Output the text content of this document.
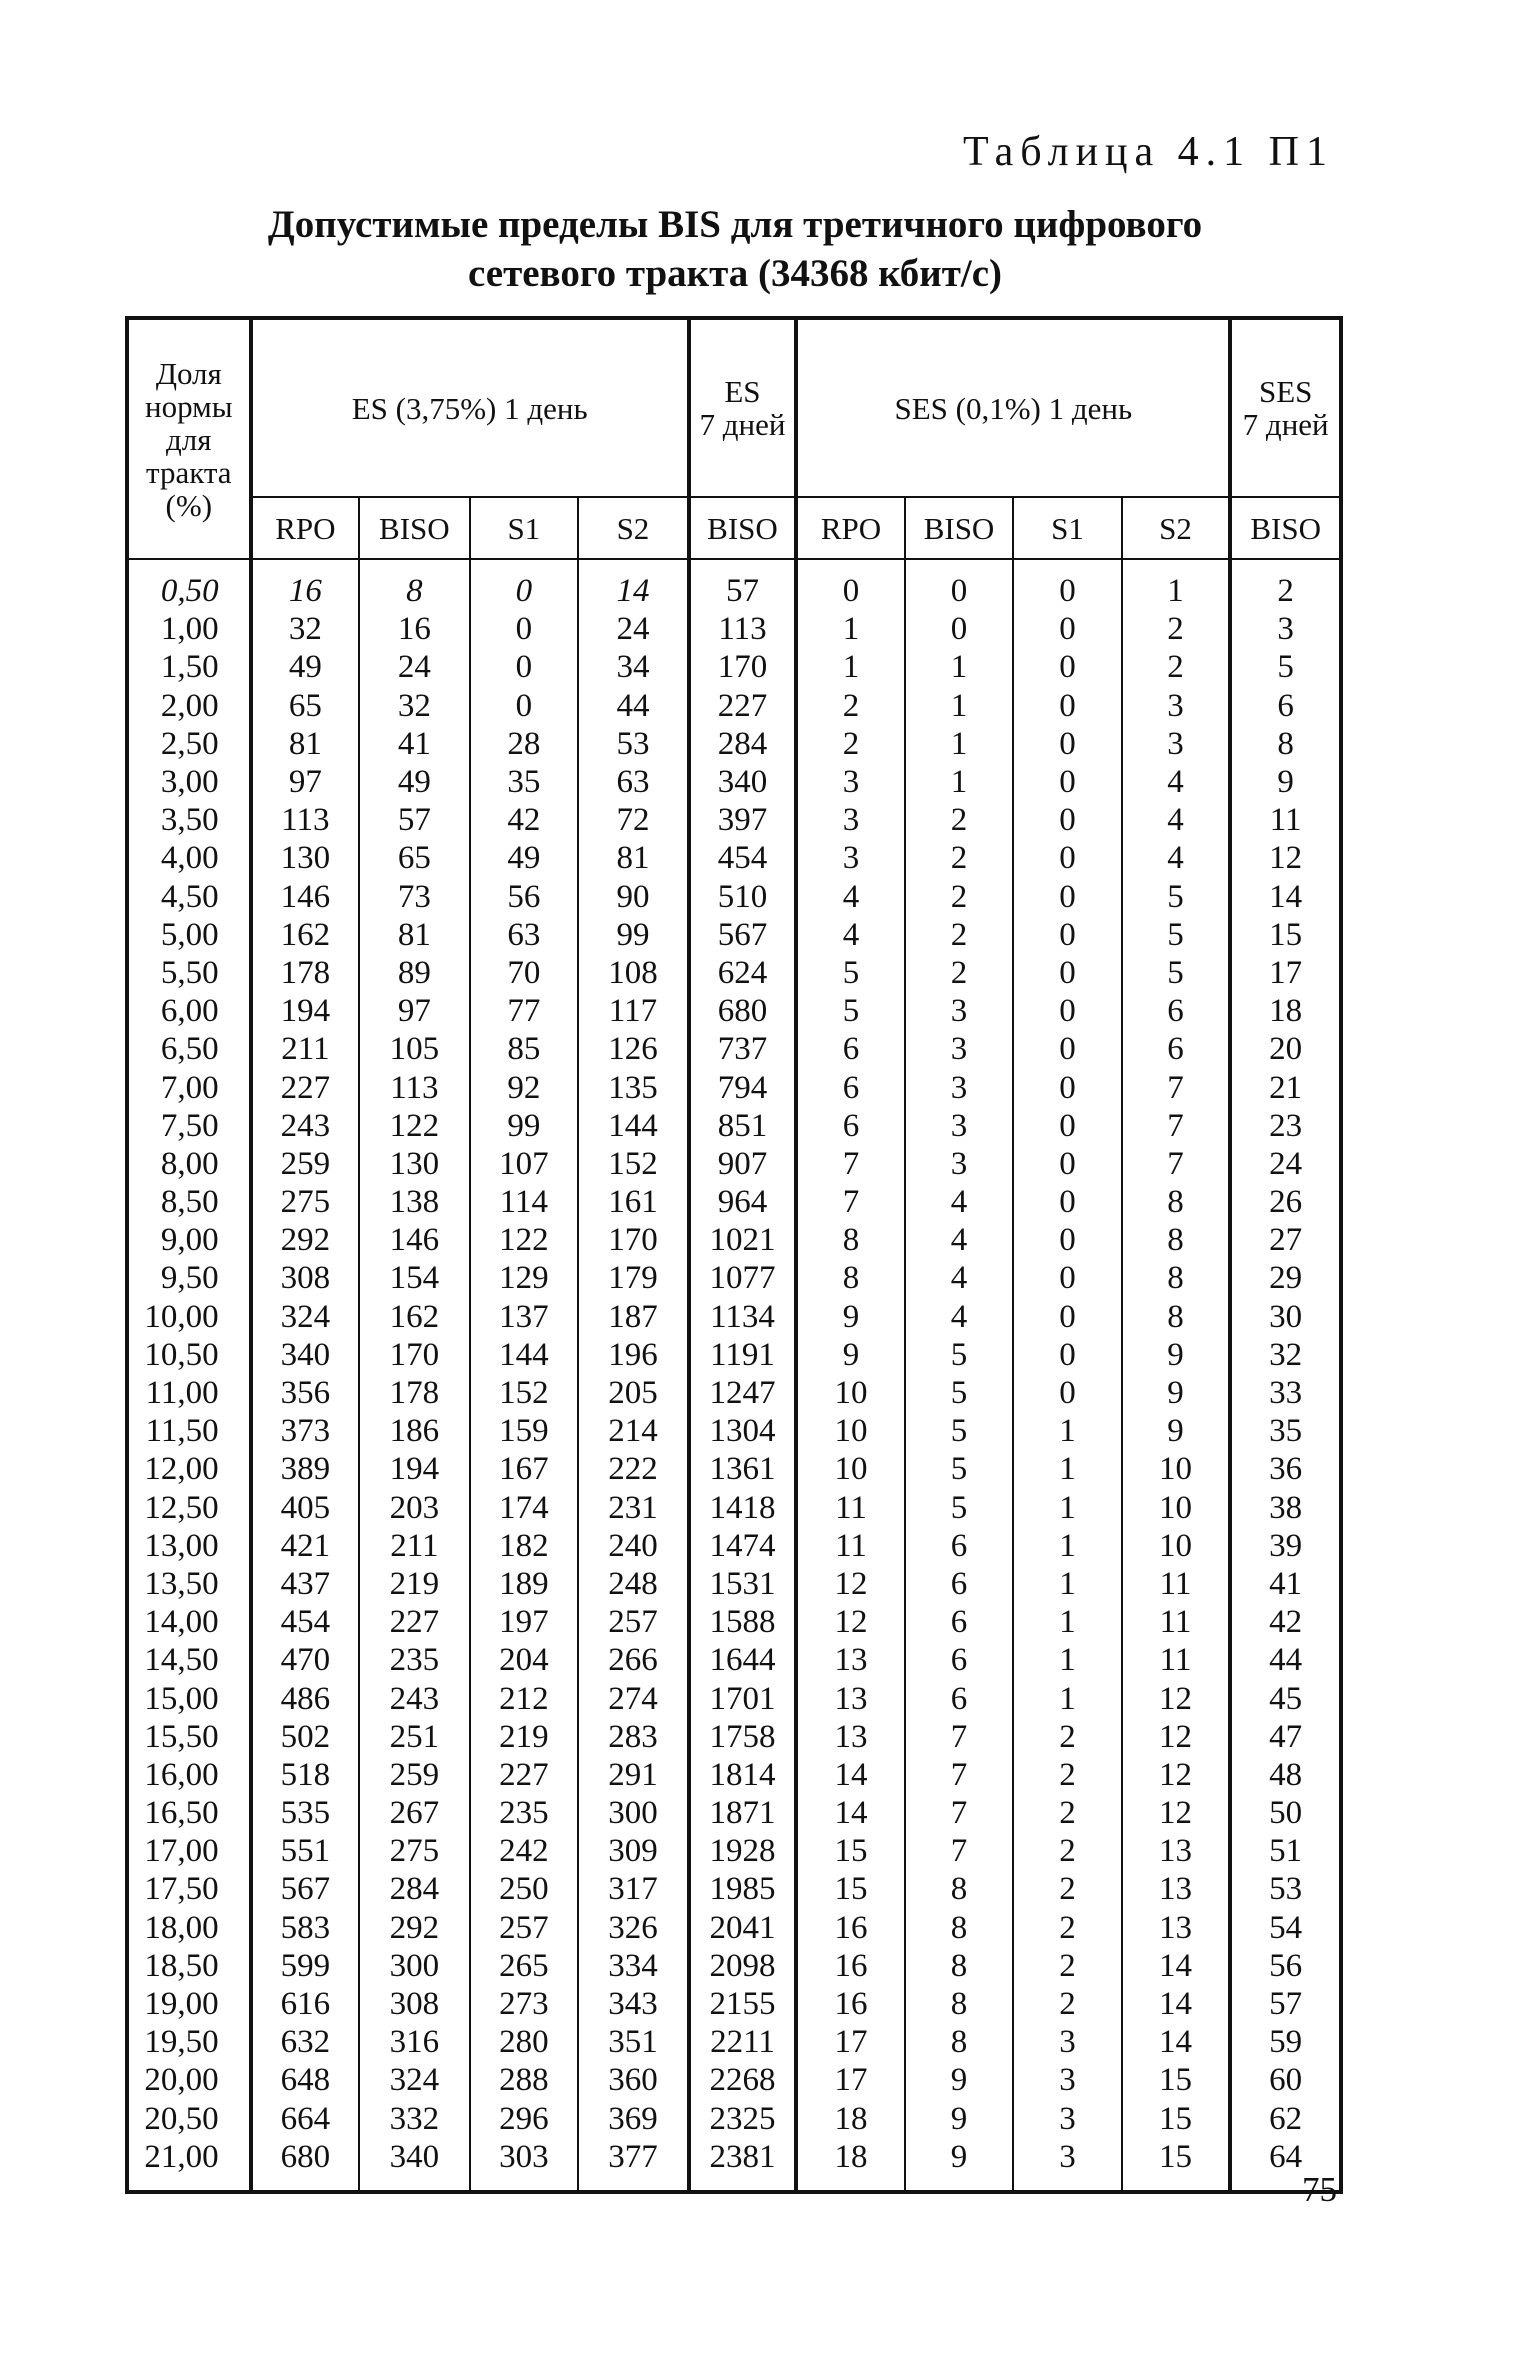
Таблица 4.1 П1
Допустимые пределы BIS для третичного цифрового
сетевого тракта (34368 кбит/с)
Доля
нормы
для
тракта
(%)	ES (3,75%) 1 день				ES
7 дней	SES (0,1%) 1 день				SES
7 дней

	RPO	BISO	S1	S2	BISO	RPO	BISO	S1	S2	BISO
0,50	16	8	0	14	57	0	0	0	1	2
1,00	32	16	0	24	113	1	0	0	2	3
1,50	49	24	0	34	170	1	1	0	2	5
2,00	65	32	0	44	227	2	1	0	3	6
2,50	81	41	28	53	284	2	1	0	3	8
3,00	97	49	35	63	340	3	1	0	4	9
3,50	113	57	42	72	397	3	2	0	4	11
4,00	130	65	49	81	454	3	2	0	4	12
4,50	146	73	56	90	510	4	2	0	5	14
5,00	162	81	63	99	567	4	2	0	5	15
5,50	178	89	70	108	624	5	2	0	5	17
6,00	194	97	77	117	680	5	3	0	6	18
6,50	211	105	85	126	737	6	3	0	6	20
7,00	227	113	92	135	794	6	3	0	7	21
7,50	243	122	99	144	851	6	3	0	7	23
8,00	259	130	107	152	907	7	3	0	7	24
8,50	275	138	114	161	964	7	4	0	8	26
9,00	292	146	122	170	1021	8	4	0	8	27
9,50	308	154	129	179	1077	8	4	0	8	29
10,00	324	162	137	187	1134	9	4	0	8	30
10,50	340	170	144	196	1191	9	5	0	9	32
11,00	356	178	152	205	1247	10	5	0	9	33
11,50	373	186	159	214	1304	10	5	1	9	35
12,00	389	194	167	222	1361	10	5	1	10	36
12,50	405	203	174	231	1418	11	5	1	10	38
13,00	421	211	182	240	1474	11	6	1	10	39
13,50	437	219	189	248	1531	12	6	1	11	41
14,00	454	227	197	257	1588	12	6	1	11	42
14,50	470	235	204	266	1644	13	6	1	11	44
15,00	486	243	212	274	1701	13	6	1	12	45
15,50	502	251	219	283	1758	13	7	2	12	47
16,00	518	259	227	291	1814	14	7	2	12	48
16,50	535	267	235	300	1871	14	7	2	12	50
17,00	551	275	242	309	1928	15	7	2	13	51
17,50	567	284	250	317	1985	15	8	2	13	53
18,00	583	292	257	326	2041	16	8	2	13	54
18,50	599	300	265	334	2098	16	8	2	14	56
19,00	616	308	273	343	2155	16	8	2	14	57
19,50	632	316	280	351	2211	17	8	3	14	59
20,00	648	324	288	360	2268	17	9	3	15	60
20,50	664	332	296	369	2325	18	9	3	15	62
21,00	680	340	303	377	2381	18	9	3	15	64
75
